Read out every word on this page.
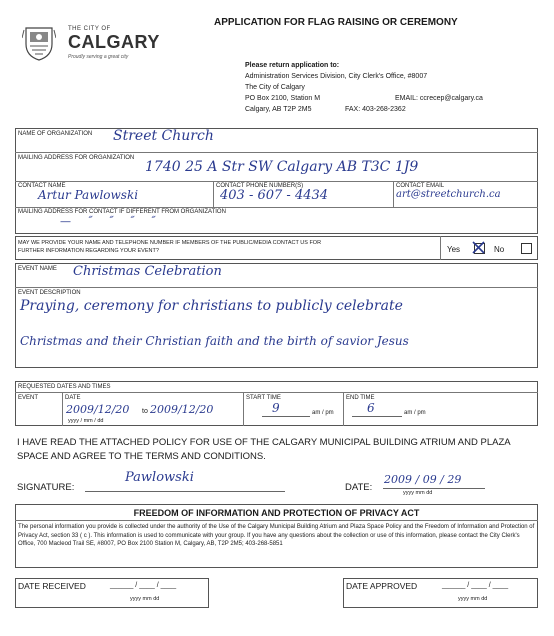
THE CITY OF
CALGARY
Proudly serving a great city
APPLICATION FOR FLAG RAISING OR CEREMONY
Please return application to:
Administration Services Division, City Clerk's Office, #8007
The City of Calgary
PO Box 2100, Station M
Calgary, AB T2P 2M5
EMAIL: ccrecep@calgary.ca
FAX: 403-268-2362
NAME OF ORGANIZATION Street Church
MAILING ADDRESS FOR ORGANIZATION
1740 25 A Str SW Calgary AB T3C 1J9
CONTACT NAME
Artur Pawlowski
CONTACT PHONE NUMBER(S)
403 - 607 - 4434
CONTACT EMAIL
art@streetchurch.ca
MAILING ADDRESS FOR CONTACT IF DIFFERENT FROM ORGANIZATION
— ˝ ˝ ˝ ˝
MAY WE PROVIDE YOUR NAME AND TELEPHONE NUMBER IF MEMBERS OF THE PUBLIC/MEDIA CONTACT US FOR
FURTHER INFORMATION REGARDING YOUR EVENT?	Yes	No
EVENT NAME Christmas Celebration
EVENT DESCRIPTION
Praying, ceremony for christians to publicly celebrate
Christmas and their Christian faith and the birth of savior Jesus
REQUESTED DATES AND TIMES
EVENT	DATE
2009/12/20 to 2009/12/20
yyyy / mm / dd
START TIME
9	am / pm
END TIME
6	am / pm
I HAVE READ THE ATTACHED POLICY FOR USE OF THE CALGARY MUNICIPAL BUILDING ATRIUM AND PLAZA SPACE AND AGREE TO THE TERMS AND CONDITIONS.
SIGNATURE:
Pawlowski
DATE:
2009 / 09 / 29
yyyy mm dd
FREEDOM OF INFORMATION AND PROTECTION OF PRIVACY ACT
The personal information you provide is collected under the authority of the Use of the Calgary Municipal Building Atrium and Plaza Space Policy and the Freedom of Information and Protection of Privacy Act, section 33 ( c ). This information is used to communicate with your group. If you have any questions about the collection or use of this information, please contact the City Clerk's Office, 700 Macleod Trail SE, #8007, PO Box 2100 Station M, Calgary, AB, T2P 2M5; 403-268-5851
DATE RECEIVED	______ / ____ / ____
yyyy mm dd
DATE APPROVED	______ / ____ / ____
yyyy mm dd
